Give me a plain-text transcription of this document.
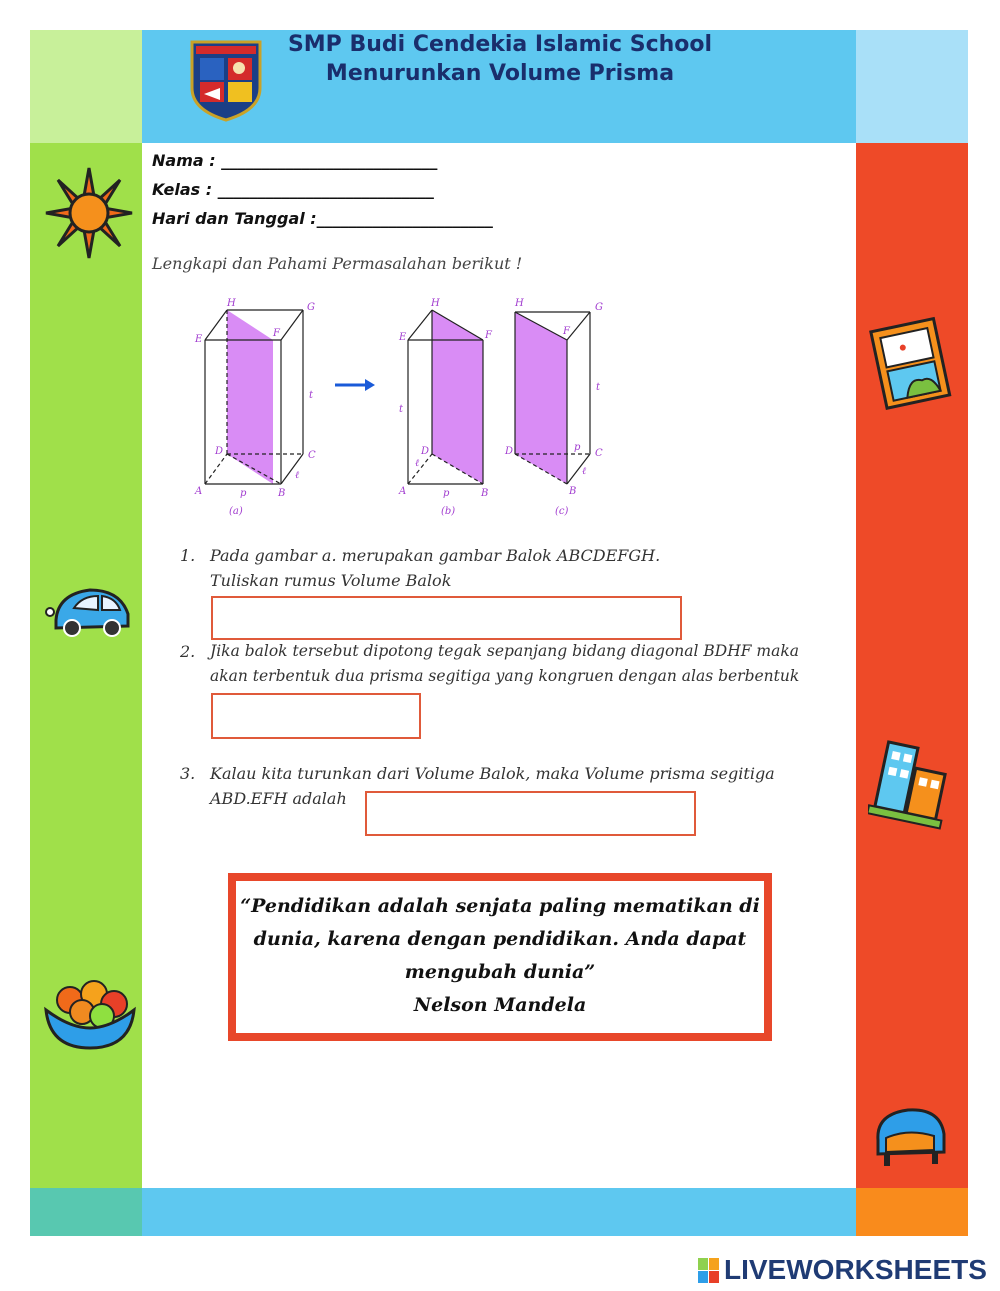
SMP Budi Cendekia Islamic School
Menurunkan Volume Prisma
Nama : ___________________________
Kelas : ___________________________
Hari dan Tanggal :______________________
Lengkapi dan Pahami Permasalahan berikut !
H	G
E
F
D	C
A	B
t
p
ℓ
(a)
H
E	F
D
A	B
t
p
ℓ
(b)
H	G
F
D	C
B
t
p
ℓ
(c)
1. Pada gambar a. merupakan gambar Balok ABCDEFGH.
Tuliskan rumus Volume Balok
2. Jika balok tersebut dipotong tegak sepanjang bidang diagonal BDHF maka
akan terbentuk dua prisma segitiga yang kongruen dengan alas berbentuk
3. Kalau kita turunkan dari Volume Balok, maka Volume prisma segitiga
ABD.EFH adalah
“Pendidikan adalah senjata paling mematikan di
dunia, karena dengan pendidikan. Anda dapat
mengubah dunia”
Nelson Mandela
LIVEWORKSHEETS
